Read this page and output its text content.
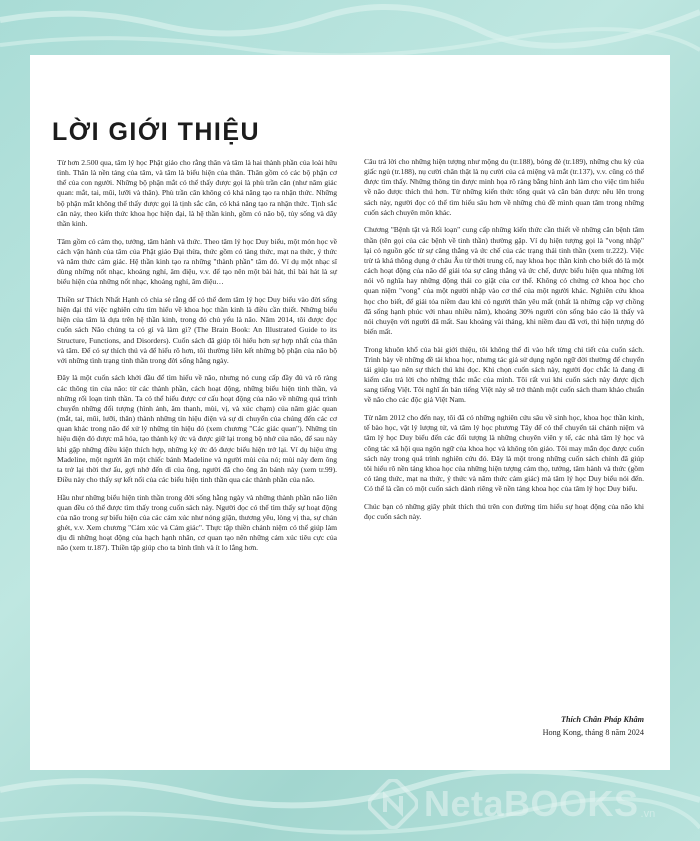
LỜI GIỚI THIỆU

Từ hơn 2.500 qua, tâm lý học Phật giáo cho rằng thân và tâm là hai thành phần của loài hữu tình. Thân là nền tảng của tâm, và tâm là biểu hiện của thân. Thân gồm có các bộ phận cơ thể của con người. Những bộ phận mắt có thể thấy được gọi là phù trần căn (như năm giác quan: mắt, tai, mũi, lưỡi và thân). Phù trần căn không có khả năng tạo ra nhận thức. Những bộ phận mắt không thể thấy được gọi là tịnh sắc căn, có khả năng tạo ra nhận thức. Tịnh sắc căn này, theo kiến thức khoa học hiện đại, là hệ thần kinh, gồm có não bộ, tủy sống và dây thần kinh.

Tâm gồm có cảm thọ, tưởng, tâm hành và thức. Theo tâm lý học Duy biểu, một món học về cách vận hành của tâm của Phật giáo Đại thừa, thức gồm có tàng thức, mạt na thức, ý thức và năm thức cảm giác. Hệ thần kinh tạo ra những "thành phần" tâm đó. Ví dụ một nhạc sĩ dùng những nốt nhạc, khoảng nghỉ, âm điệu, v.v. để tạo nên một bài hát, thì bài hát là sự biểu hiện của những nốt nhạc, khoảng nghỉ, âm điệu…

Thiền sư Thích Nhất Hạnh có chia sẻ rằng để có thể đem tâm lý học Duy biểu vào đời sống hiện đại thì việc nghiên cứu tìm hiểu về khoa học thần kinh là điều cần thiết. Những biểu hiện của tâm là dựa trên hệ thần kinh, trong đó chủ yếu là não. Năm 2014, tôi được đọc cuốn sách Não chúng ta có gì và làm gì? (The Brain Book: An Illustrated Guide to its Structure, Functions, and Disorders). Cuốn sách đã giúp tôi hiểu hơn sự hợp nhất của thân và tâm. Để có sự thích thú và để hiểu rõ hơn, tôi thường liên kết những bộ phận của não bộ với những tình trạng tinh thần trong đời sống hằng ngày.

Đây là một cuốn sách khởi đầu để tìm hiểu về não, nhưng nó cung cấp đầy đủ và rõ ràng các thông tin của não: từ các thành phần, cách hoạt động, những biểu hiện tinh thần, và những rối loạn tinh thần. Ta có thể hiểu được cơ cấu hoạt động của não về những quá trình chuyển những đối tượng (hình ảnh, âm thanh, mùi, vị, và xúc chạm) của năm giác quan (mắt, tai, mũi, lưỡi, thân) thành những tín hiệu điện và sự di chuyển của chúng đến các cơ quan khác trong não để xử lý những tín hiệu đó (xem chương "Các giác quan"). Những tín hiệu điện đó được mã hóa, tạo thành ký ức và được giữ lại trong bộ nhớ của não, để sau này khi gặp những điều kiện thích hợp, những ký ức đó được biểu hiện trở lại. Ví dụ hiệu ứng Madeline, một người ăn một chiếc bánh Madeline và người mùi của nó; mùi này đem ông ta trở lại thời thơ ấu, gợi nhớ đến dì của ông, người đã cho ông ăn bánh này (xem tr.99). Điều này cho thấy sự kết nối của các biểu hiện tinh thần qua các thành phần của não.

Hầu như những biểu hiện tinh thần trong đời sống hằng ngày và những thành phần não liên quan đều có thể được tìm thấy trong cuốn sách này. Người đọc có thể tìm thấy sự hoạt động của não trong sự biểu hiện của các cảm xúc như nóng giận, thương yêu, lòng vị tha, sự chán ghét, v.v. Xem chương "Cảm xúc và Cảm giác". Thực tập thiền chánh niệm có thể giúp làm dịu đi những hoạt động của hạch hạnh nhân, cơ quan tạo nên những cảm xúc tiêu cực của não (xem tr.187). Thiền tập giúp cho ta bình tĩnh và ít lo lắng hơn.

Câu trả lời cho những hiện tượng như mộng du (tr.188), bóng đè (tr.189), những chu kỳ của giấc ngủ (tr.188), nụ cười chân thật là nụ cười của cả miệng và mắt (tr.137), v.v. cũng có thể được tìm thấy. Những thông tin được minh họa rõ ràng bằng hình ảnh làm cho việc tìm hiểu về não được thích thú hơn. Từ những kiến thức tổng quát và căn bản được nêu lên trong sách này, người đọc có thể tìm hiểu sâu hơn về những chủ đề mình quan tâm trong những cuốn sách chuyên môn khác.

Chương "Bệnh tật và Rối loạn" cung cấp những kiến thức cần thiết về những căn bệnh tâm thần (tên gọi của các bệnh về tinh thần) thường gặp. Ví dụ hiện tượng gọi là "vong nhập" lại có nguồn gốc từ sự căng thẳng và ức chế của các trạng thái tinh thần (xem tr.222). Việc trừ tà khá thông dụng ở châu Âu từ thời trung cổ, nay khoa học thần kinh cho biết đó là một cách hoạt động của não để giải tỏa sự căng thẳng và ức chế, được biểu hiện qua những lời nói vô nghĩa hay những động thái co giật của cơ thể. Không có chứng cớ khoa học cho quan niệm "vong" của một người nhập vào cơ thể của một người khác. Nghiên cứu khoa học cho biết, để giải tỏa niềm đau khi có người thân yêu mất (nhất là những cặp vợ chồng đã sống hạnh phúc với nhau nhiều năm), khoảng 30% người còn sống báo cáo là thấy và nói chuyện với người đã mất. Sau khoảng vài tháng, khi niềm đau đã vơi, thì hiện tượng đó biến mất.

Trong khuôn khổ của bài giới thiệu, tôi không thể đi vào hết từng chi tiết của cuốn sách. Trình bày về những đề tài khoa học, nhưng tác giả sử dụng ngôn ngữ đời thường để chuyển tải giúp tạo nên sự thích thú khi đọc. Khi chọn cuốn sách này, người đọc chắc là đang đi kiếm câu trả lời cho những thắc mắc của mình. Tôi rất vui khi cuốn sách này được dịch sang tiếng Việt. Tôi nghĩ ấn bản tiếng Việt này sẽ trở thành một cuốn sách tham khảo chuẩn về não cho các độc giả Việt Nam.

Từ năm 2012 cho đến nay, tôi đã có những nghiên cứu sâu về sinh học, khoa học thần kinh, tế bào học, vật lý lượng tử, và tâm lý học phương Tây để có thể chuyển tải chánh niệm và tâm lý học Duy biểu đến các đối tượng là những chuyên viên y tế, các nhà tâm lý học và công tác xã hội qua ngôn ngữ của khoa học và không tôn giáo. Tôi may mắn đọc được cuốn sách này trong quá trình nghiên cứu đó. Đây là một trong những cuốn sách chính đã giúp tôi hiểu rõ nền tảng khoa học của những hiện tượng cảm thọ, tưởng, tâm hành và thức (gồm có tàng thức, mạt na thức, ý thức và năm thức cảm giác) mà tâm lý học Duy biểu nói đến. Có thể là cần có một cuốn sách dành riêng về nền tảng khoa học của tâm lý học Duy biểu.

Chúc bạn có những giây phút thích thú trên con đường tìm hiểu sự hoạt động của não khi đọc cuốn sách này.

Thích Chân Pháp Khâm
Hong Kong, tháng 8 năm 2024
NetaBOOKS .vn
